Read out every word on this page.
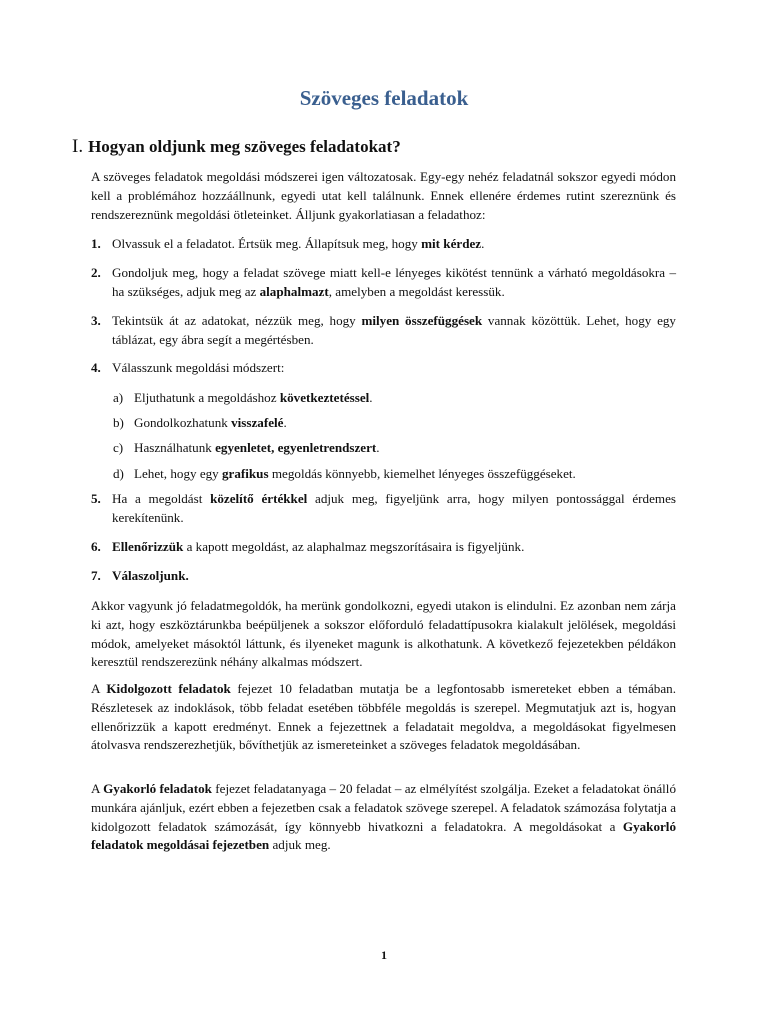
Szöveges feladatok
I. Hogyan oldjunk meg szöveges feladatokat?
A szöveges feladatok megoldási módszerei igen változatosak. Egy-egy nehéz feladatnál sokszor egyedi módon kell a problémához hozzáállnunk, egyedi utat kell találnunk. Ennek ellenére érdemes rutint szereznünk és rendszereznünk megoldási ötleteinket. Álljunk gyakorlatiasan a feladathoz:
1. Olvassuk el a feladatot. Értsük meg. Állapítsuk meg, hogy mit kérdez.
2. Gondoljuk meg, hogy a feladat szövege miatt kell-e lényeges kikötést tennünk a várható megoldásokra – ha szükséges, adjuk meg az alaphalmazt, amelyben a megoldást keressük.
3. Tekintsük át az adatokat, nézzük meg, hogy milyen összefüggések vannak közöttük. Lehet, hogy egy táblázat, egy ábra segít a megértésben.
4. Válasszunk megoldási módszert:
a) Eljuthatunk a megoldáshoz következtetéssel.
b) Gondolkozhatunk visszafelé.
c) Használhatunk egyenletet, egyenletrendszert.
d) Lehet, hogy egy grafikus megoldás könnyebb, kiemelhet lényeges összefüggéseket.
5. Ha a megoldást közelítő értékkel adjuk meg, figyeljünk arra, hogy milyen pontossággal érdemes kerekítenünk.
6. Ellenőrizzük a kapott megoldást, az alaphalmaz megszorításaira is figyeljünk.
7. Válaszoljunk.
Akkor vagyunk jó feladatmegoldók, ha merünk gondolkozni, egyedi utakon is elindulni. Ez azonban nem zárja ki azt, hogy eszköztárunkba beépüljenek a sokszor előforduló feladattípusokra kialakult jelölések, megoldási módok, amelyeket másoktól láttunk, és ilyeneket magunk is alkothatunk. A következő fejezetekben példákon keresztül rendszerezünk néhány alkalmas módszert.
A Kidolgozott feladatok fejezet 10 feladatban mutatja be a legfontosabb ismereteket ebben a témában. Részletesek az indoklások, több feladat esetében többféle megoldás is szerepel. Megmutatjuk azt is, hogyan ellenőrizzük a kapott eredményt. Ennek a fejezettnek a feladatait megoldva, a megoldásokat figyelmesen átolvasva rendszerezhetjük, bővíthetjük az ismereteinket a szöveges feladatok megoldásában.
A Gyakorló feladatok fejezet feladatanyaga – 20 feladat – az elmélyítést szolgálja. Ezeket a feladatokat önálló munkára ajánljuk, ezért ebben a fejezetben csak a feladatok szövege szerepel. A feladatok számozása folytatja a kidolgozott feladatok számozását, így könnyebb hivatkozni a feladatokra. A megoldásokat a Gyakorló feladatok megoldásai fejezetben adjuk meg.
1
